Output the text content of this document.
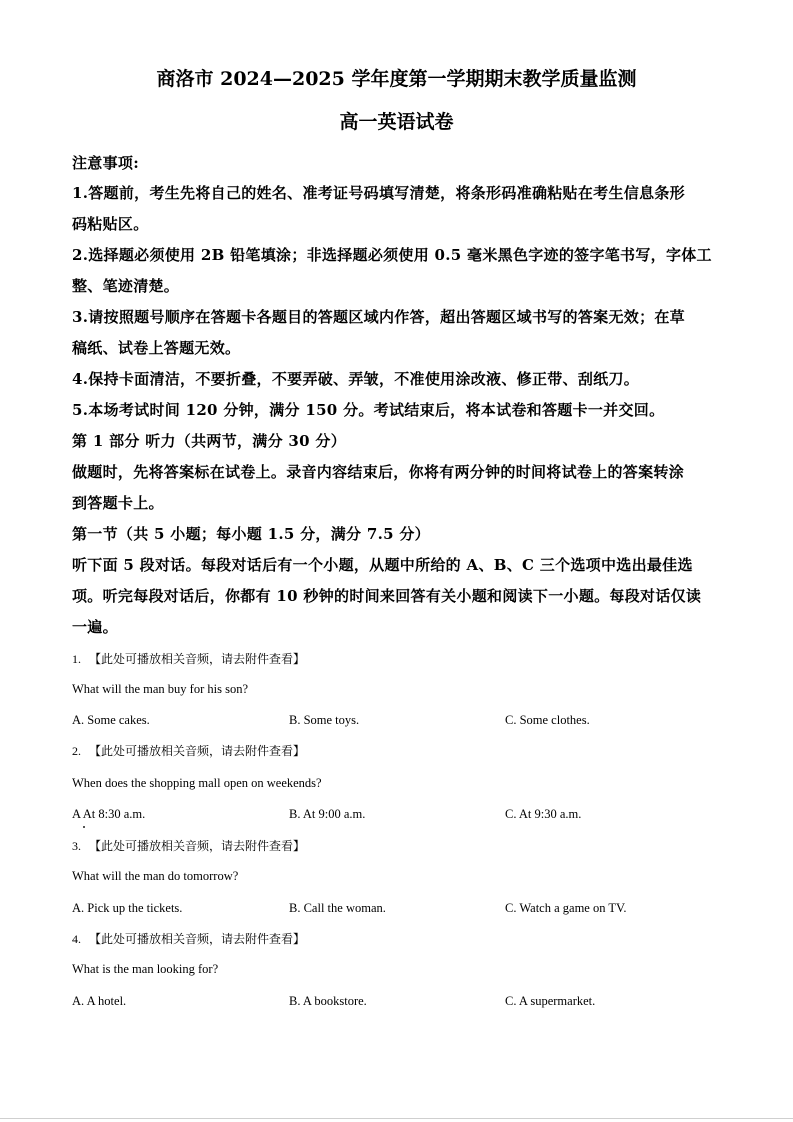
商洛市 2024—2025 学年度第一学期期末教学质量监测
高一英语试卷
注意事项:
1.答题前，考生先将自己的姓名、准考证号码填写清楚，将条形码准确粘贴在考生信息条形
码粘贴区。
2.选择题必须使用 2B 铅笔填涂；非选择题必须使用 0.5 毫米黑色字迹的签字笔书写，字体工
整、笔迹清楚。
3.请按照题号顺序在答题卡各题目的答题区域内作答，超出答题区域书写的答案无效；在草
稿纸、试卷上答题无效。
4.保持卡面清洁，不要折叠，不要弄破、弄皱，不准使用涂改液、修正带、刮纸刀。
5.本场考试时间 120 分钟，满分 150 分。考试结束后，将本试卷和答题卡一并交回。
第 1 部分 听力（共两节，满分 30 分）
做题时，先将答案标在试卷上。录音内容结束后，你将有两分钟的时间将试卷上的答案转涂
到答题卡上。
第一节（共 5 小题；每小题 1.5 分，满分 7.5 分）
听下面 5 段对话。每段对话后有一个小题，从题中所给的 A、B、C 三个选项中选出最佳选
项。听完每段对话后，你都有 10 秒钟的时间来回答有关小题和阅读下一小题。每段对话仅读
一遍。
1. 【此处可播放相关音频，请去附件查看】
What will the man buy for his son?
A. Some cakes.	B. Some toys.	C. Some clothes.
2. 【此处可播放相关音频，请去附件查看】
When does the shopping mall open on weekends?
A At 8:30 a.m.	B. At 9:00 a.m.	C. At 9:30 a.m.
3. 【此处可播放相关音频，请去附件查看】
What will the man do tomorrow?
A. Pick up the tickets.	B. Call the woman.	C. Watch a game on TV.
4. 【此处可播放相关音频，请去附件查看】
What is the man looking for?
A. A hotel.	B. A bookstore.	C. A supermarket.
